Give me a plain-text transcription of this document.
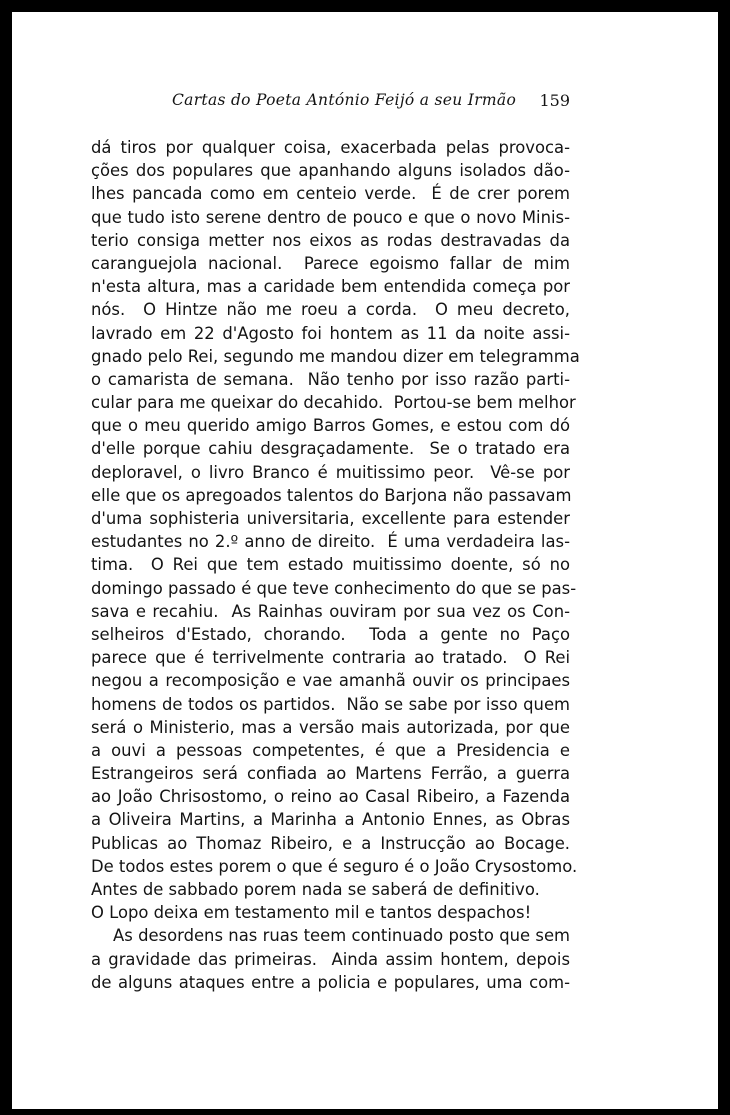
Cartas do Poeta António Feijó a seu Irmão 159
dá tiros por qualquer coisa, exacerbada pelas provoca-
ções dos populares que apanhando alguns isolados dão-
lhes pancada como em centeio verde.  É de crer porem
que tudo isto serene dentro de pouco e que o novo Minis-
terio consiga metter nos eixos as rodas destravadas da
caranguejola nacional.  Parece egoismo fallar de mim
n'esta altura, mas a caridade bem entendida começa por
nós.  O Hintze não me roeu a corda.  O meu decreto,
lavrado em 22 d'Agosto foi hontem as 11 da noite assi-
gnado pelo Rei, segundo me mandou dizer em telegramma
o camarista de semana.  Não tenho por isso razão parti-
cular para me queixar do decahido.  Portou-se bem melhor
que o meu querido amigo Barros Gomes, e estou com dó
d'elle porque cahiu desgraçadamente.  Se o tratado era
deploravel, o livro Branco é muitissimo peor.  Vê-se por
elle que os apregoados talentos do Barjona não passavam
d'uma sophisteria universitaria, excellente para estender
estudantes no 2.º anno de direito.  É uma verdadeira las-
tima.  O Rei que tem estado muitissimo doente, só no
domingo passado é que teve conhecimento do que se pas-
sava e recahiu.  As Rainhas ouviram por sua vez os Con-
selheiros d'Estado, chorando.  Toda a gente no Paço
parece que é terrivelmente contraria ao tratado.  O Rei
negou a recomposição e vae amanhã ouvir os principaes
homens de todos os partidos.  Não se sabe por isso quem
será o Ministerio, mas a versão mais autorizada, por que
a ouvi a pessoas competentes, é que a Presidencia e
Estrangeiros será confiada ao Martens Ferrão, a guerra
ao João Chrisostomo, o reino ao Casal Ribeiro, a Fazenda
a Oliveira Martins, a Marinha a Antonio Ennes, as Obras
Publicas ao Thomaz Ribeiro, e a Instrucção ao Bocage.
De todos estes porem o que é seguro é o João Crysostomo.
Antes de sabbado porem nada se saberá de definitivo.
O Lopo deixa em testamento mil e tantos despachos!
As desordens nas ruas teem continuado posto que sem
a gravidade das primeiras.  Ainda assim hontem, depois
de alguns ataques entre a policia e populares, uma com-
